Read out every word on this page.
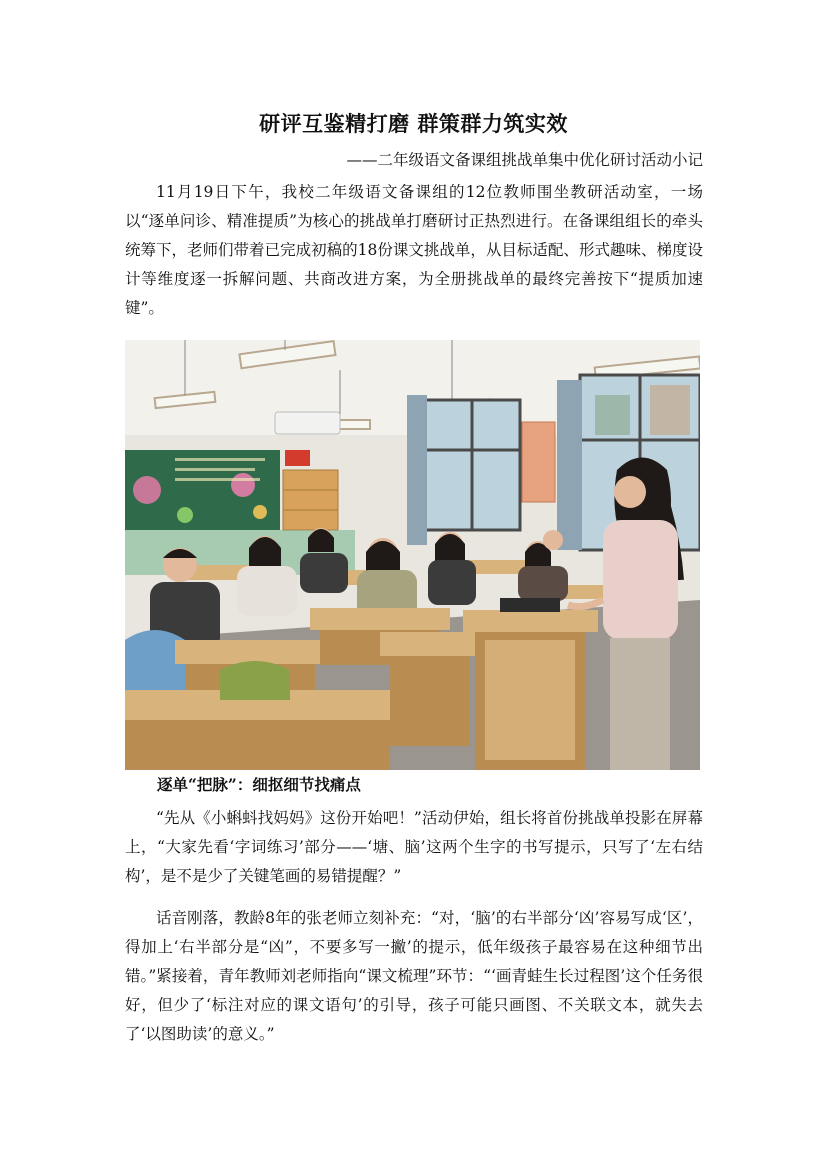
研评互鉴精打磨 群策群力筑实效
——二年级语文备课组挑战单集中优化研讨活动小记

11月19日下午，我校二年级语文备课组的12位教师围坐教研活动室，一场以“逐单问诊、精准提质”为核心的挑战单打磨研讨正热烈进行。在备课组组长的牵头统筹下，老师们带着已完成初稿的18份课文挑战单，从目标适配、形式趣味、梯度设计等维度逐一拆解问题、共商改进方案，为全册挑战单的最终完善按下“提质加速键”。

逐单“把脉”：细抠细节找痛点

“先从《小蝌蚪找妈妈》这份开始吧！”活动伊始，组长将首份挑战单投影在屏幕上，“大家先看‘字词练习’部分——‘塘、脑’这两个生字的书写提示，只写了‘左右结构’，是不是少了关键笔画的易错提醒？”

话音刚落，教龄8年的张老师立刻补充：“对，‘脑’的右半部分‘凶’容易写成‘区’，得加上‘右半部分是“凶”，不要多写一撇’的提示，低年级孩子最容易在这种细节出错。”紧接着，青年教师刘老师指向“课文梳理”环节：“‘画青蛙生长过程图’这个任务很好，但少了‘标注对应的课文语句’的引导，孩子可能只画图、不关联文本，就失去了‘以图助读’的意义。”
